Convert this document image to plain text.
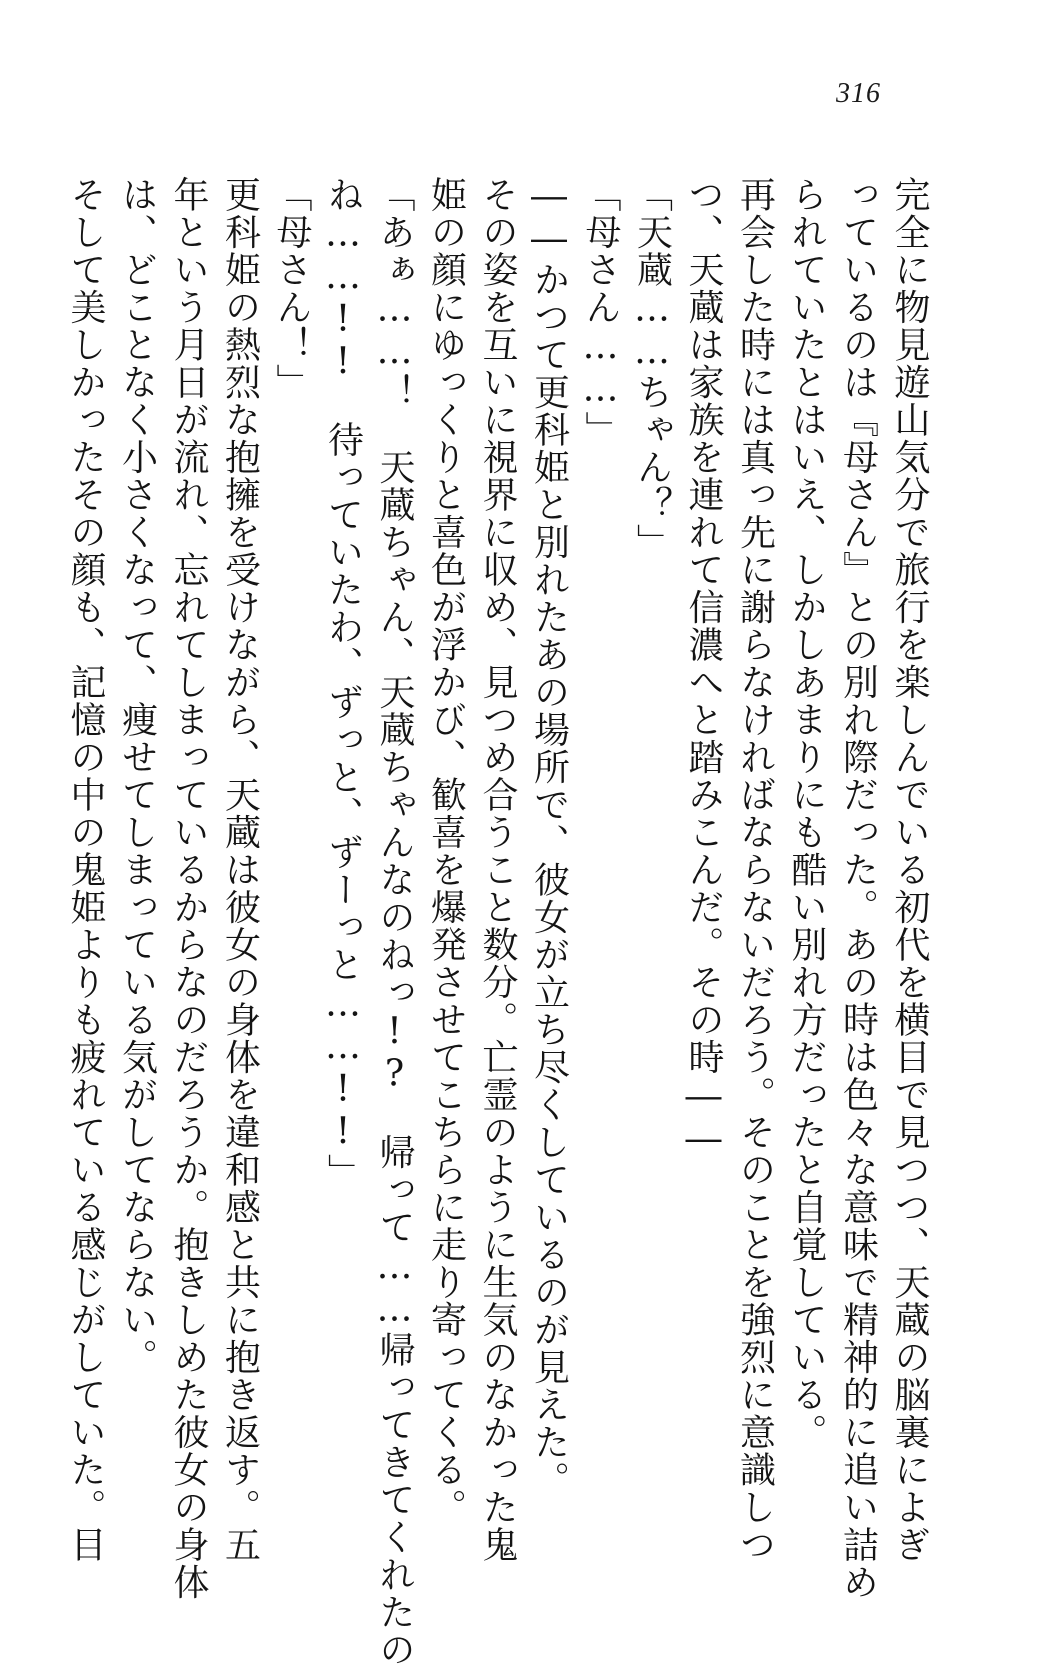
316
完全に物見遊山気分で旅行を楽しんでいる初代を横目で見つつ、天蔵の脳裏によぎ
っているのは『母さん』との別れ際だった。あの時は色々な意味で精神的に追い詰め
られていたとはいえ、しかしあまりにも酷い別れ方だったと自覚している。
再会した時には真っ先に謝らなければならないだろう。そのことを強烈に意識しつ
つ、天蔵は家族を連れて信濃へと踏みこんだ。その時――
「天蔵……ちゃん？」
「母さん……」
――かつて更科姫と別れたあの場所で、彼女が立ち尽くしているのが見えた。
その姿を互いに視界に収め、見つめ合うこと数分。亡霊のように生気のなかった鬼
姫の顔にゆっくりと喜色が浮かび、歓喜を爆発させてこちらに走り寄ってくる。
「あぁ……！　天蔵ちゃん、天蔵ちゃんなのねっ!?　帰って……帰ってきてくれたの
ね……!!　待っていたわ、ずっと、ずーっと……!!」
「母さん！」
更科姫の熱烈な抱擁を受けながら、天蔵は彼女の身体を違和感と共に抱き返す。五
年という月日が流れ、忘れてしまっているからなのだろうか。抱きしめた彼女の身体
は、どことなく小さくなって、痩せてしまっている気がしてならない。
そして美しかったその顔も、記憶の中の鬼姫よりも疲れている感じがしていた。目
